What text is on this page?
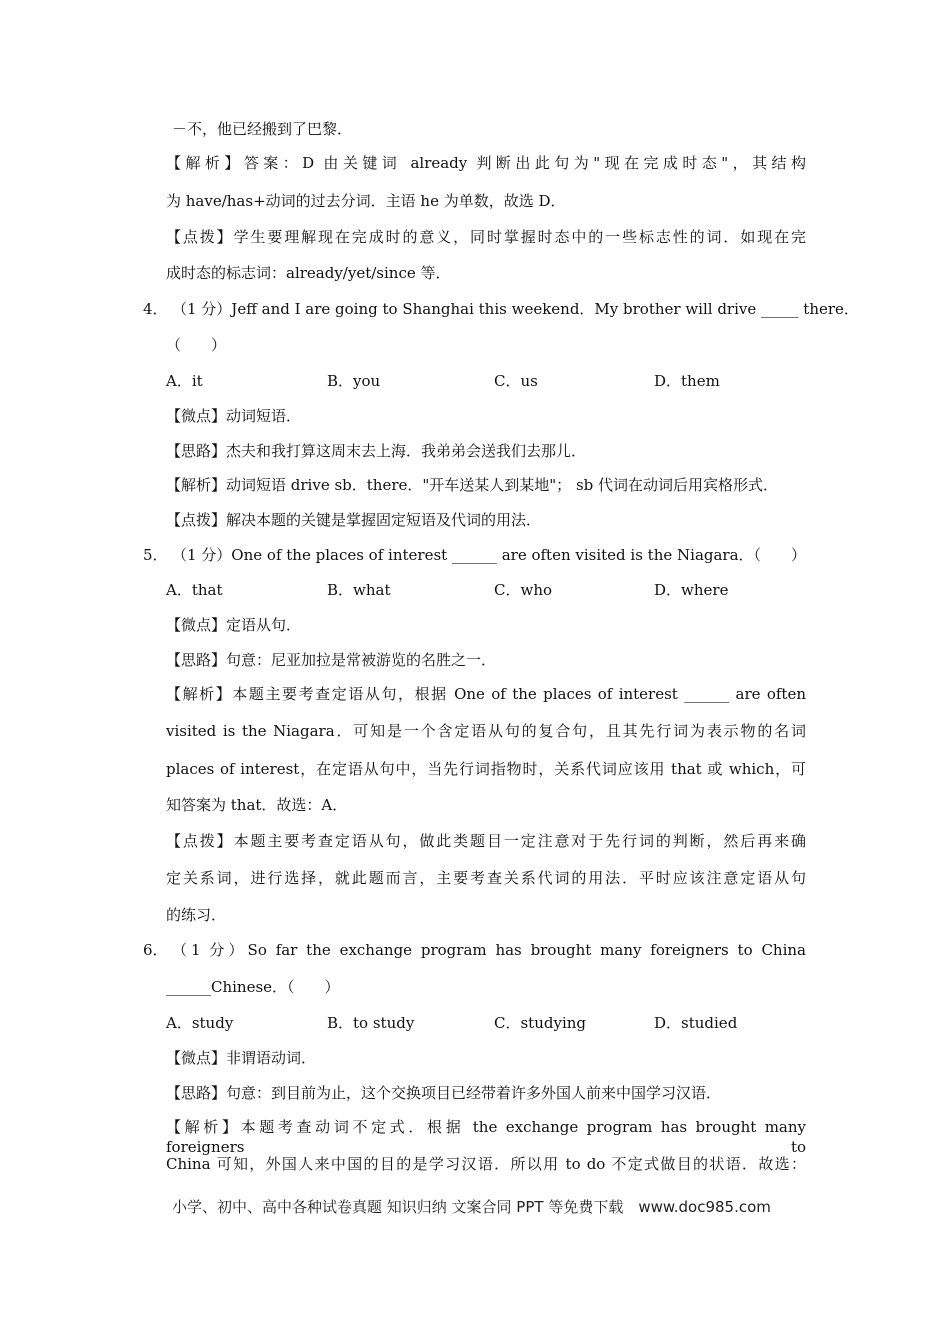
－不，他已经搬到了巴黎．
【解析】答案：D 由关键词 already 判断出此句为"现在完成时态"，其结构
为 have/has+动词的过去分词．主语 he 为单数，故选 D．
【点拨】学生要理解现在完成时的意义，同时掌握时态中的一些标志性的词．如现在完
成时态的标志词：already/yet/since 等．
4． （1 分）Jeff and I are going to Shanghai this weekend．My brother will drive _____ there．
（　　）
A．it	B．you	C．us	D．them
【微点】动词短语．
【思路】杰夫和我打算这周末去上海．我弟弟会送我们去那儿．
【解析】动词短语 drive sb．there．"开车送某人到某地"； sb 代词在动词后用宾格形式．
【点拨】解决本题的关键是掌握固定短语及代词的用法．
5． （1 分）One of the places of interest ______ are often visited is the Niagara．（　　）
A．that	B．what	C．who	D．where
【微点】定语从句．
【思路】句意：尼亚加拉是常被游览的名胜之一．
【解析】本题主要考查定语从句，根据 One of the places of interest ______ are often
visited is the Niagara．可知是一个含定语从句的复合句，且其先行词为表示物的名词
places of interest，在定语从句中，当先行词指物时，关系代词应该用 that 或 which，可
知答案为 that．故选：A．
【点拨】本题主要考查定语从句，做此类题目一定注意对于先行词的判断，然后再来确
定关系词，进行选择，就此题而言，主要考查关系代词的用法．平时应该注意定语从句
的练习．
6． （1 分）So far the exchange program has brought many foreigners to China
______Chinese．（　　）
A．study	B．to study	C．studying	D．studied
【微点】非谓语动词．
【思路】句意：到目前为止，这个交换项目已经带着许多外国人前来中国学习汉语．
【解析】本题考查动词不定式．根据 the exchange program has brought many foreigners to
China 可知，外国人来中国的目的是学习汉语．所以用 to do 不定式做目的状语．故选：
小学、初中、高中各种试卷真题 知识归纳 文案合同 PPT 等免费下载　www.doc985.com
